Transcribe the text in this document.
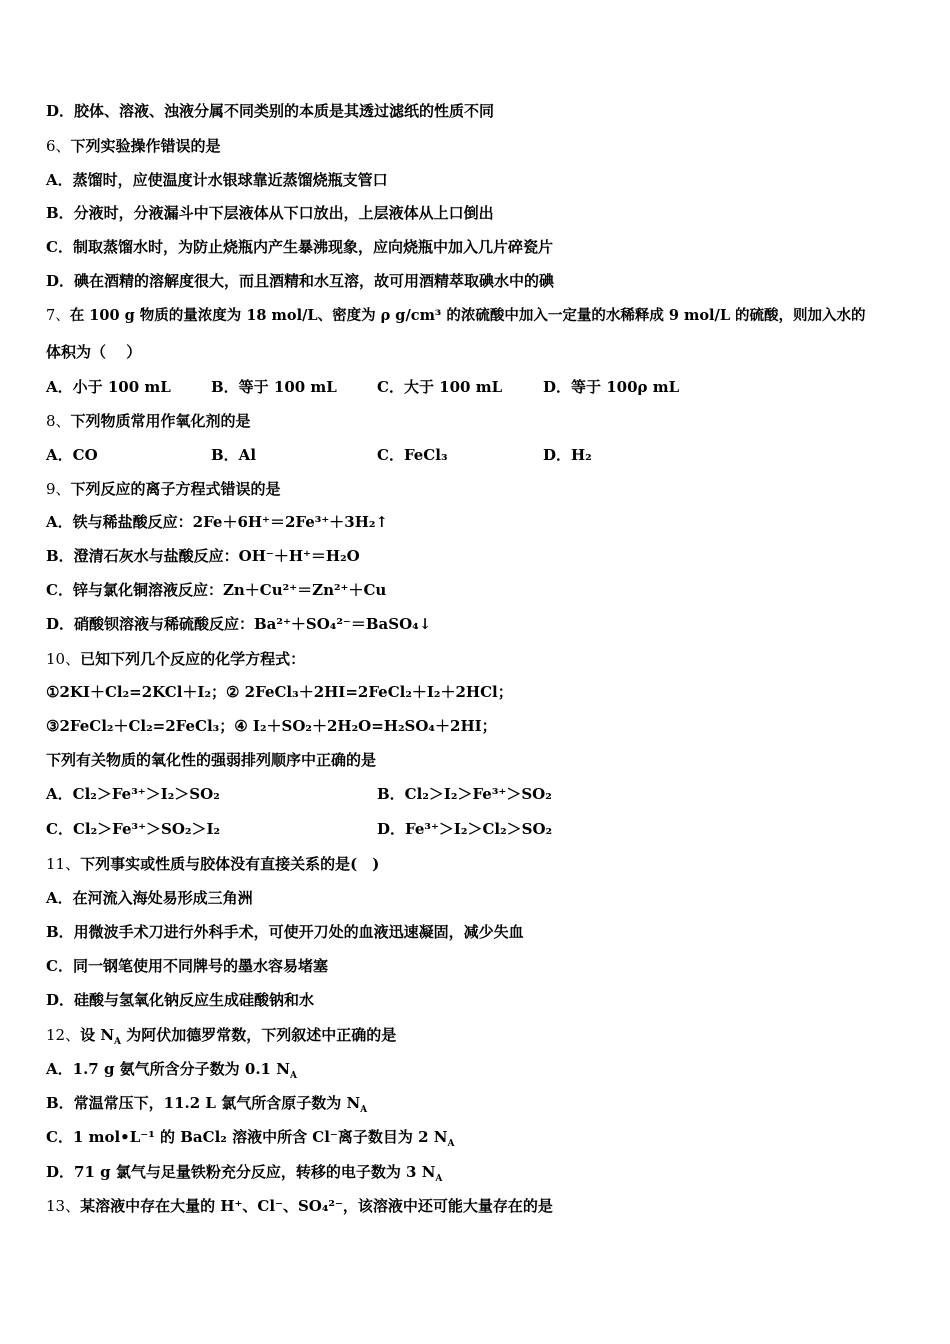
D．胶体、溶液、浊液分属不同类别的本质是其透过滤纸的性质不同
6、下列实验操作错误的是
A．蒸馏时，应使温度计水银球靠近蒸馏烧瓶支管口
B．分液时，分液漏斗中下层液体从下口放出，上层液体从上口倒出
C．制取蒸馏水时，为防止烧瓶内产生暴沸现象，应向烧瓶中加入几片碎瓷片
D．碘在酒精的溶解度很大，而且酒精和水互溶，故可用酒精萃取碘水中的碘
7、在 100 g 物质的量浓度为 18 mol/L、密度为 ρ g/cm³ 的浓硫酸中加入一定量的水稀释成 9 mol/L 的硫酸，则加入水的
体积为（　 ）
A．小于 100 mL	B．等于 100 mL	C．大于 100 mL	D．等于 100ρ mL
8、下列物质常用作氧化剂的是
A．CO	B．Al	C．FeCl₃	D．H₂
9、下列反应的离子方程式错误的是
A．铁与稀盐酸反应：2Fe＋6H⁺＝2Fe³⁺＋3H₂↑
B．澄清石灰水与盐酸反应：OH⁻＋H⁺＝H₂O
C．锌与氯化铜溶液反应：Zn＋Cu²⁺＝Zn²⁺＋Cu
D．硝酸钡溶液与稀硫酸反应：Ba²⁺＋SO₄²⁻＝BaSO₄↓
10、已知下列几个反应的化学方程式：
①2KI＋Cl₂=2KCl＋I₂；② 2FeCl₃＋2HI=2FeCl₂＋I₂＋2HCl；
③2FeCl₂＋Cl₂=2FeCl₃；④ I₂＋SO₂＋2H₂O=H₂SO₄＋2HI；
下列有关物质的氧化性的强弱排列顺序中正确的是
A．Cl₂＞Fe³⁺＞I₂＞SO₂	B．Cl₂＞I₂＞Fe³⁺＞SO₂
C．Cl₂＞Fe³⁺＞SO₂＞I₂	D．Fe³⁺＞I₂＞Cl₂＞SO₂
11、下列事实或性质与胶体没有直接关系的是(　)
A．在河流入海处易形成三角洲
B．用微波手术刀进行外科手术，可使开刀处的血液迅速凝固，减少失血
C．同一钢笔使用不同牌号的墨水容易堵塞
D．硅酸与氢氧化钠反应生成硅酸钠和水
12、设 $N_A$ 为阿伏加德罗常数，下列叙述中正确的是
A．1.7 g 氨气所含分子数为 0.1 $N_A$
B．常温常压下，11.2 L 氯气所含原子数为 $N_A$
C．1 mol•L⁻¹ 的 BaCl₂ 溶液中所含 Cl⁻离子数目为 2 $N_A$
D．71 g 氯气与足量铁粉充分反应，转移的电子数为 3 $N_A$
13、某溶液中存在大量的 H⁺、Cl⁻、SO₄²⁻，该溶液中还可能大量存在的是
